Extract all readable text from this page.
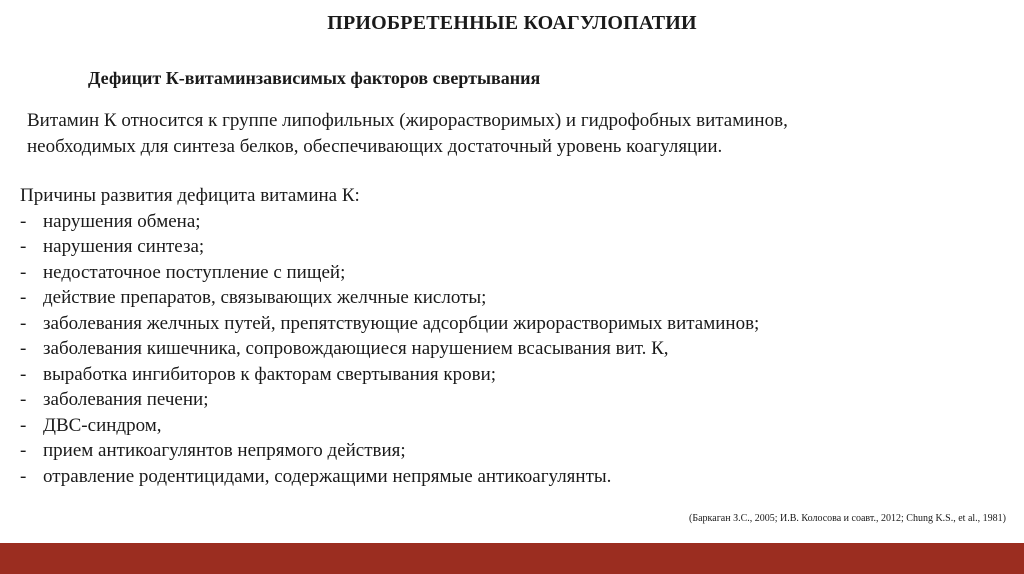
ПРИОБРЕТЕННЫЕ КОАГУЛОПАТИИ
Дефицит К-витаминзависимых факторов свертывания
Витамин К относится к группе липофильных (жирорастворимых) и гидрофобных витаминов,
необходимых для синтеза белков, обеспечивающих достаточный уровень коагуляции.
Причины развития дефицита витамина К:
- нарушения обмена;
- нарушения синтеза;
- недостаточное поступление с пищей;
- действие препаратов, связывающих желчные кислоты;
- заболевания желчных путей, препятствующие адсорбции жирорастворимых витаминов;
- заболевания кишечника, сопровождающиеся нарушением всасывания вит. К,
- выработка ингибиторов к факторам свертывания крови;
- заболевания печени;
- ДВС-синдром,
- прием антикоагулянтов непрямого действия;
- отравление родентицидами, содержащими непрямые антикоагулянты.
(Баркаган З.С., 2005; И.В. Колосова и соавт., 2012; Chung K.S., et al., 1981)
